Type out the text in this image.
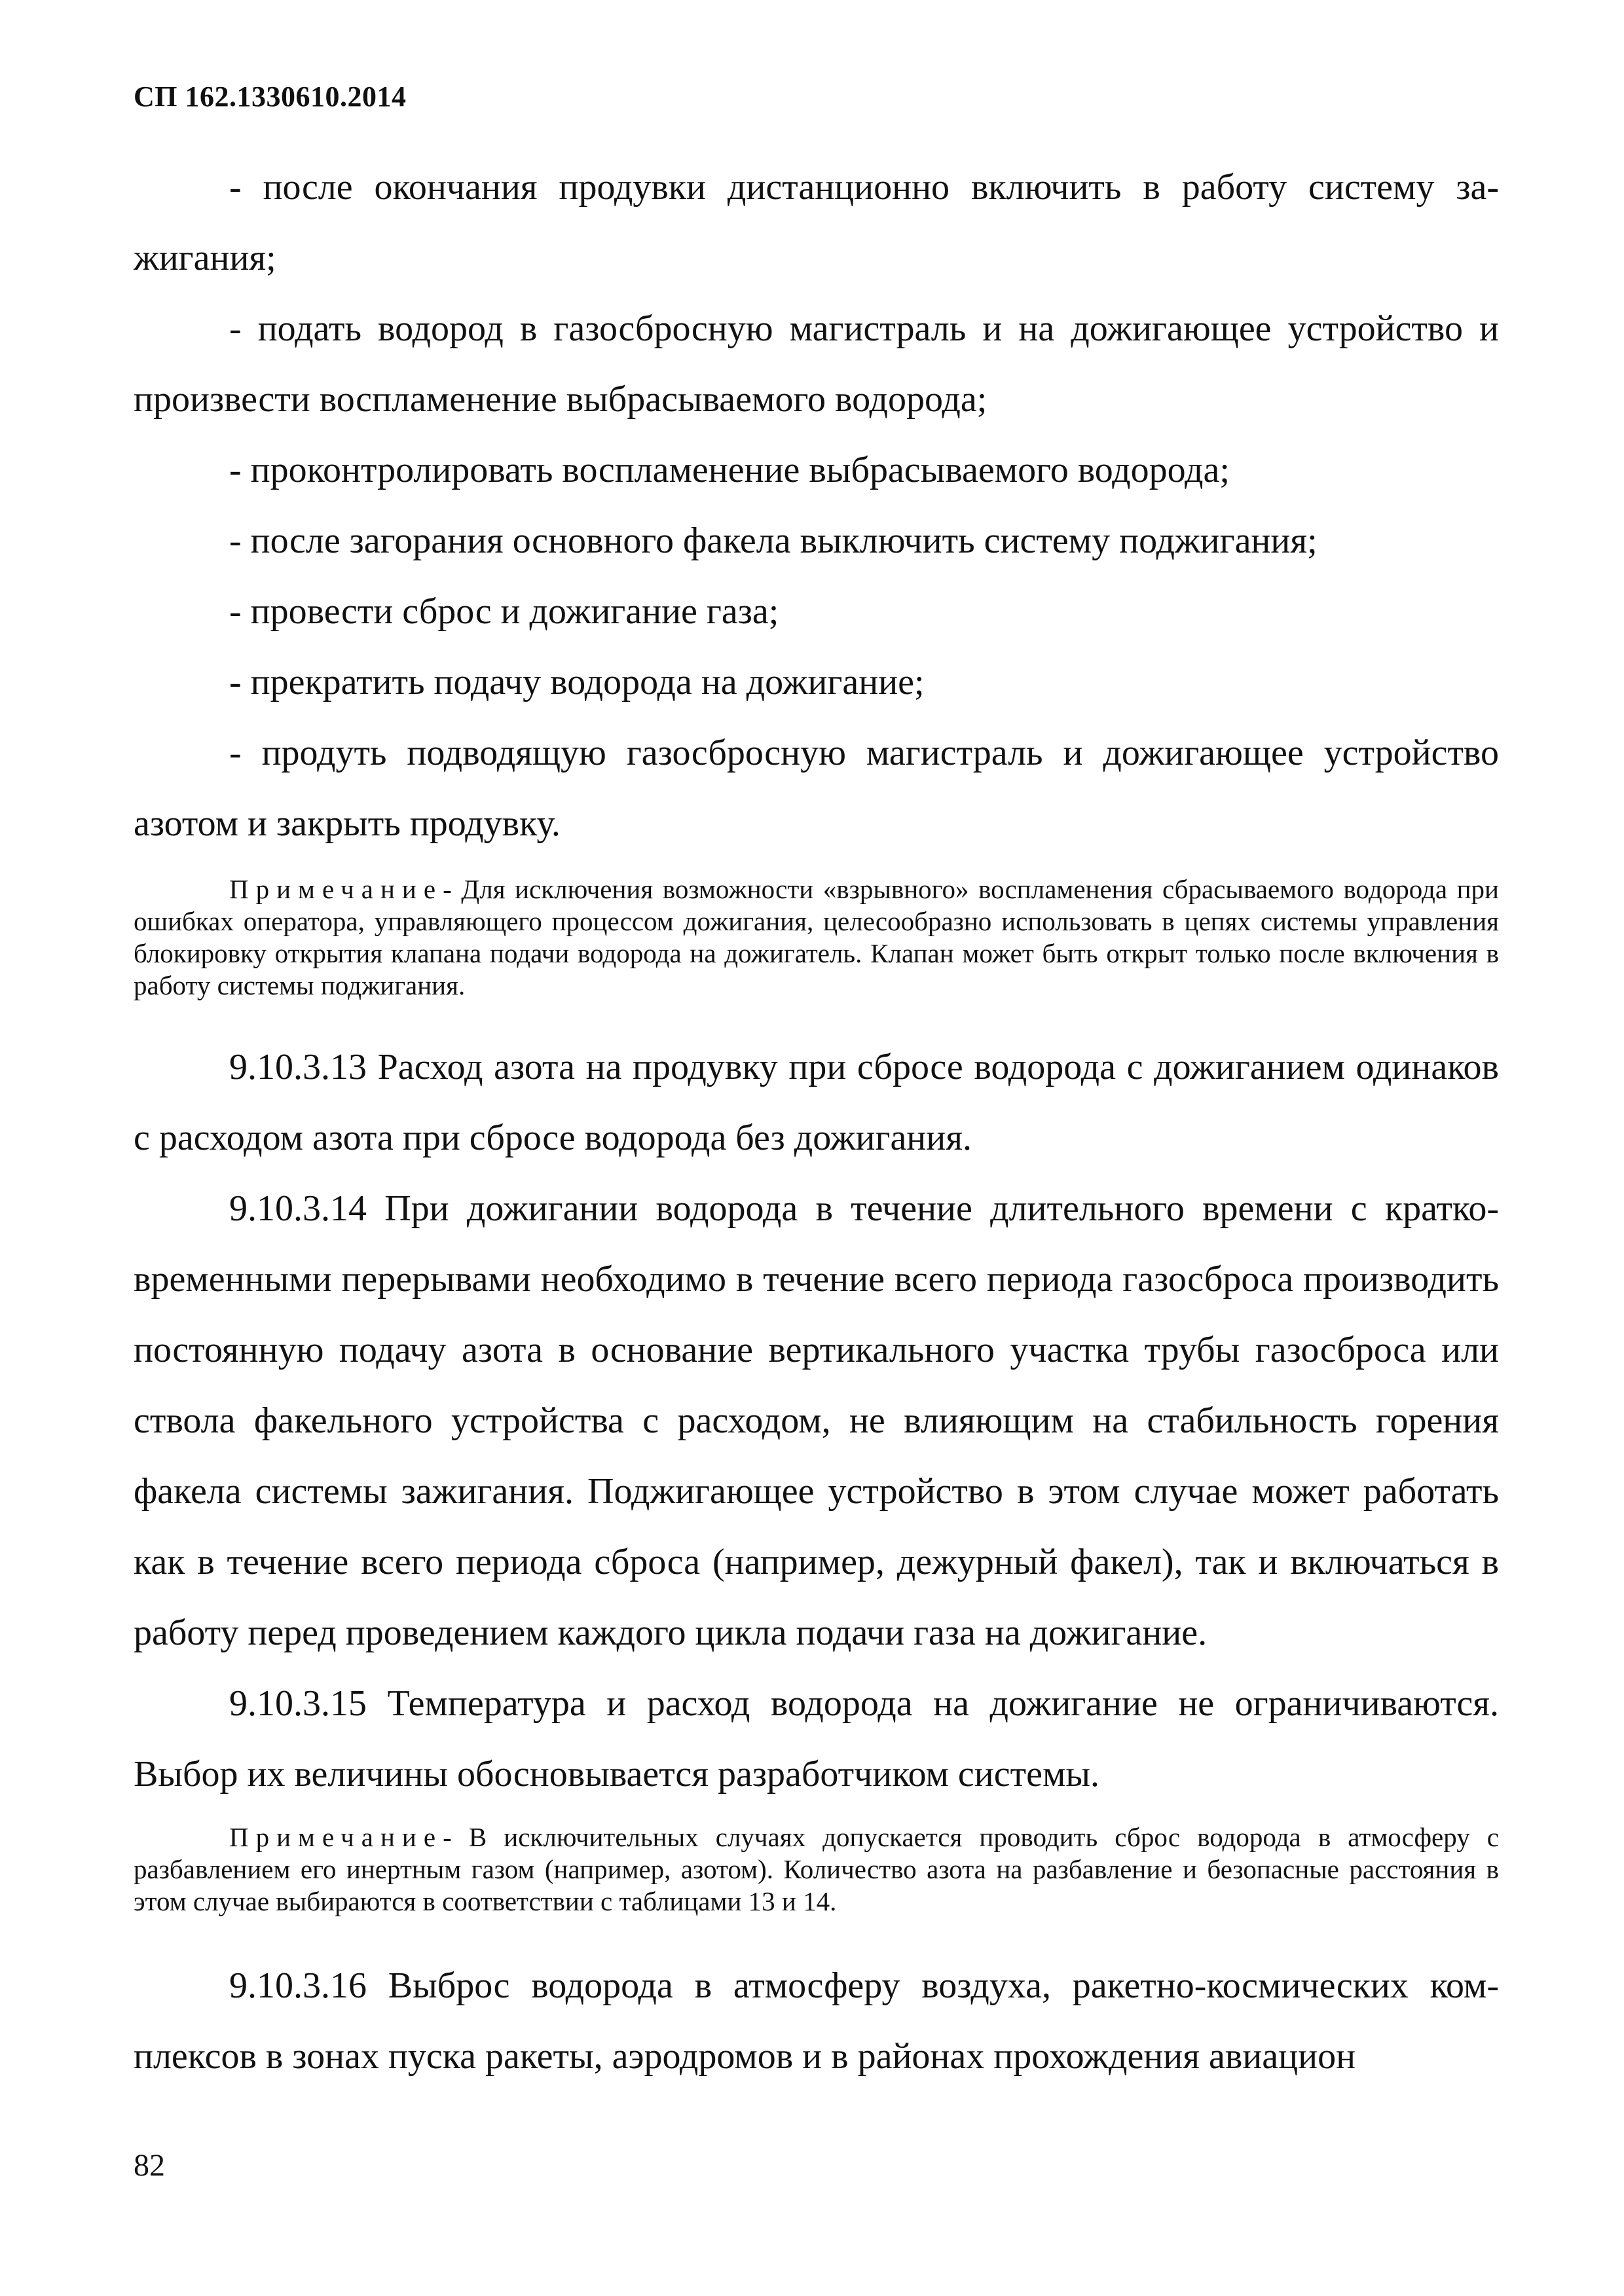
СП 162.1330610.2014

- после окончания продувки дистанционно включить в работу систему зажигания;

- подать водород в газосбросную магистраль и на дожигающее устройство и произвести воспламенение выбрасываемого водорода;

- проконтролировать воспламенение выбрасываемого водорода;

- после загорания основного факела выключить систему поджигания;

- провести сброс и дожигание газа;

- прекратить подачу водорода на дожигание;

- продуть подводящую газосбросную магистраль и дожигающее устройство азотом и закрыть продувку.

Примечание- Для исключения возможности «взрывного» воспламенения сбрасываемого водорода при ошибках оператора, управляющего процессом дожигания, целесообразно использовать в цепях системы управления блокировку открытия клапана подачи водорода на дожигатель. Клапан может быть открыт только после включения в работу системы поджигания.

9.10.3.13 Расход азота на продувку при сбросе водорода с дожиганием одинаков с расходом азота при сбросе водорода без дожигания.

9.10.3.14 При дожигании водорода в течение длительного времени с кратковременными перерывами необходимо в течение всего периода газосброса производить постоянную подачу азота в основание вертикального участка трубы газосброса или ствола факельного устройства с расходом, не влияющим на стабильность горения факела системы зажигания. Поджигающее устройство в этом случае может работать как в течение всего периода сброса (например, дежурный факел), так и включаться в работу перед проведением каждого цикла подачи газа на дожигание.

9.10.3.15 Температура и расход водорода на дожигание не ограничиваются. Выбор их величины обосновывается разработчиком системы.

Примечание- В исключительных случаях допускается проводить сброс водорода в атмосферу с разбавлением его инертным газом (например, азотом). Количество азота на разбавление и безопасные расстояния в этом случае выбираются в соответствии с таблицами 13 и 14.

9.10.3.16 Выброс водорода в атмосферу воздуха, ракетно-космических комплексов в зонах пуска ракеты, аэродромов и в районах прохождения авиацион

82
